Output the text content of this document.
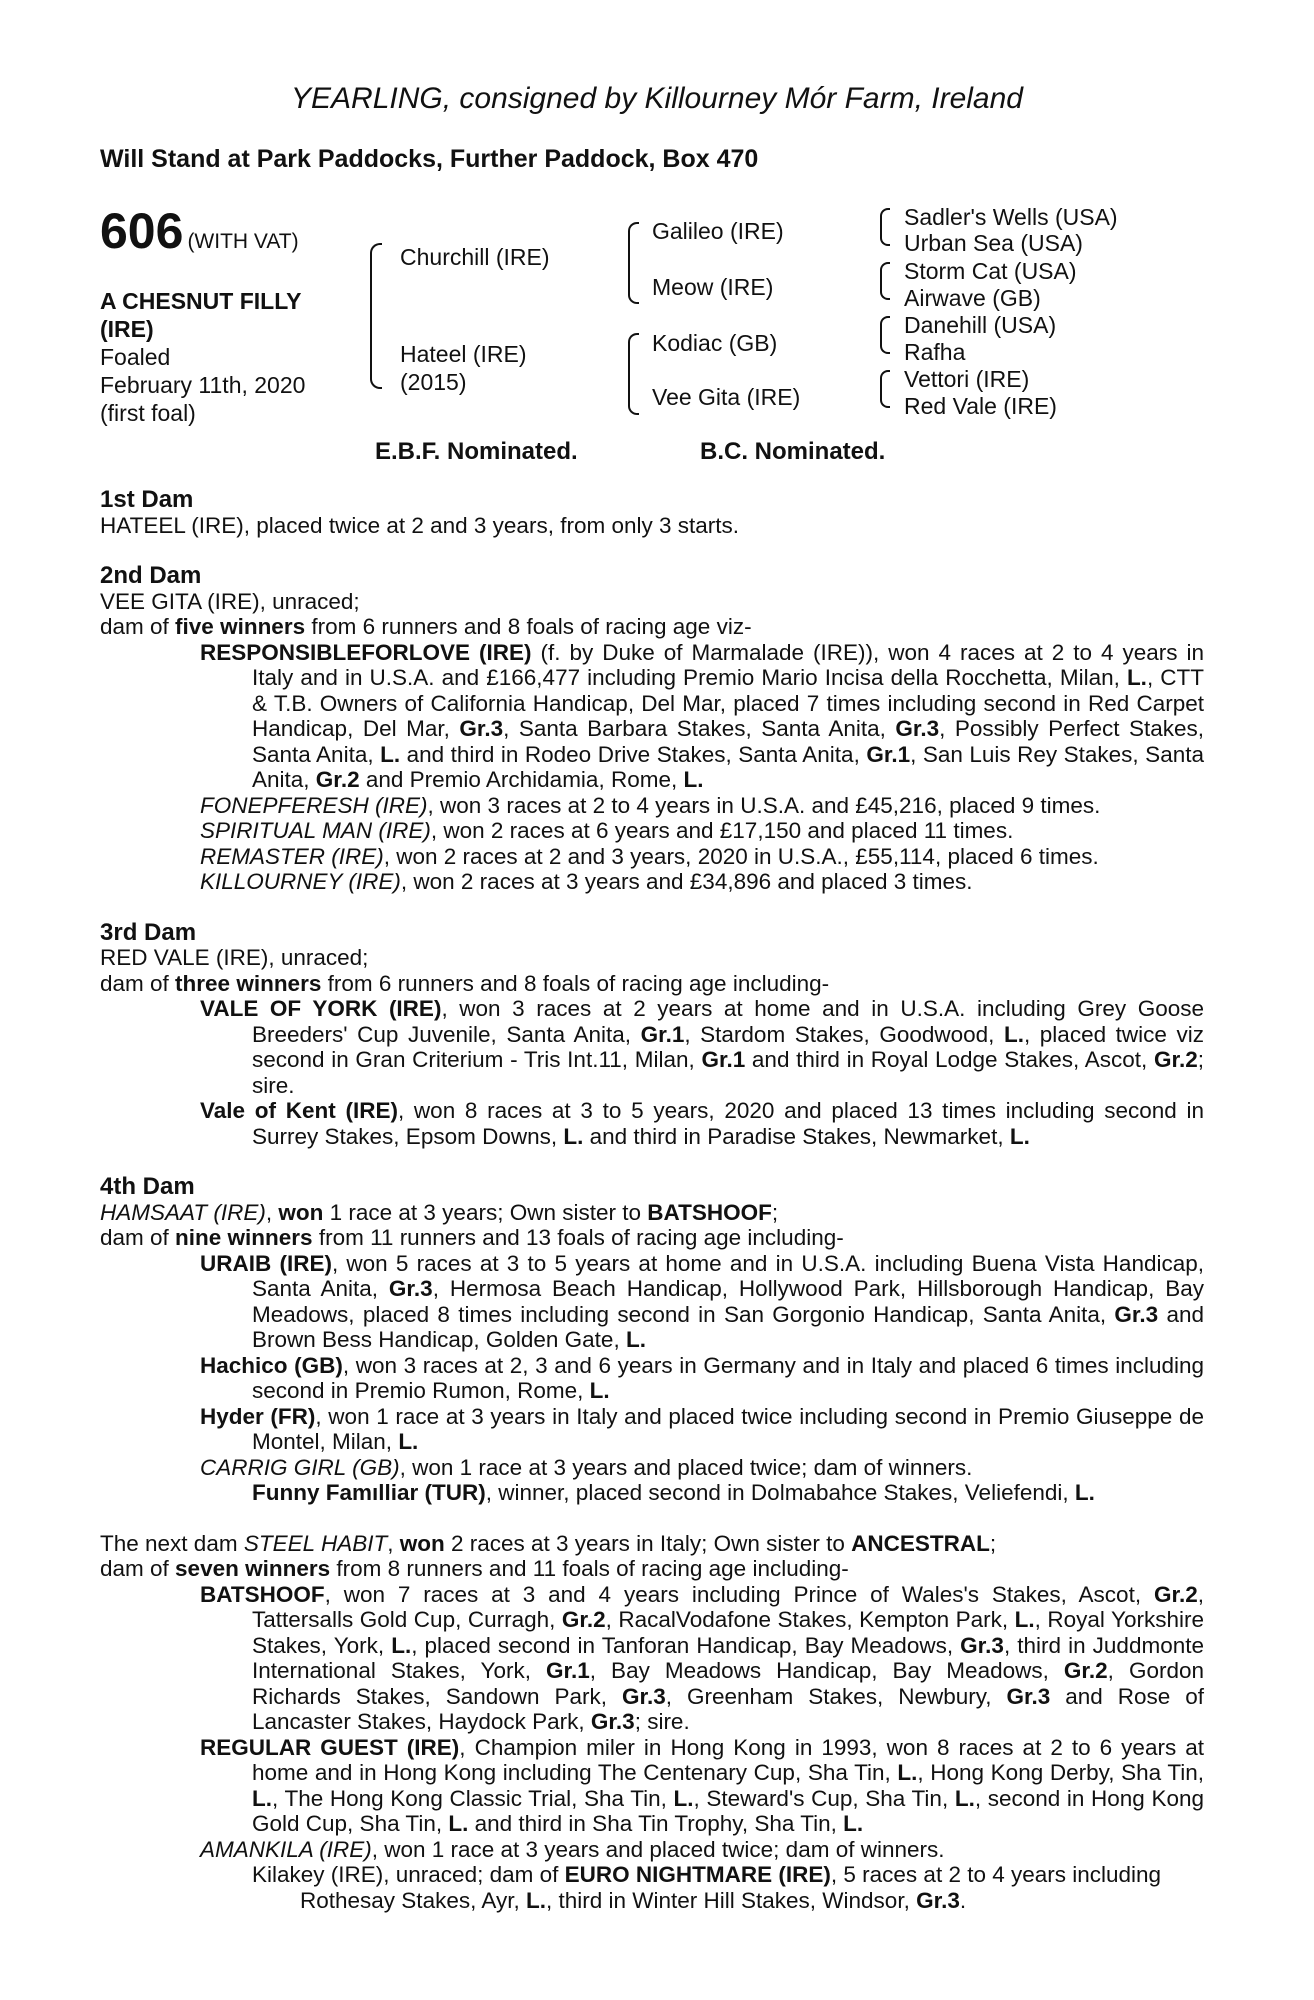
YEARLING, consigned by Killourney Mór Farm, Ireland
Will Stand at Park Paddocks, Further Paddock, Box 470
606 (WITH VAT)
A CHESNUT FILLY
(IRE)
Foaled
February 11th, 2020
(first foal)
Churchill (IRE)
Hateel (IRE)
(2015)
Galileo (IRE)
Meow (IRE)
Kodiac (GB)
Vee Gita (IRE)
Sadler's Wells (USA)
Urban Sea (USA)
Storm Cat (USA)
Airwave (GB)
Danehill (USA)
Rafha
Vettori (IRE)
Red Vale (IRE)
E.B.F. Nominated.	B.C. Nominated.
1st Dam

HATEEL (IRE), placed twice at 2 and 3 years, from only 3 starts.

2nd Dam

VEE GITA (IRE), unraced;

dam of five winners from 6 runners and 8 foals of racing age viz-

RESPONSIBLEFORLOVE (IRE) (f. by Duke of Marmalade (IRE)), won 4 races at 2 to 4 years in Italy and in U.S.A. and £166,477 including Premio Mario Incisa della Rocchetta, Milan, L., CTT & T.B. Owners of California Handicap, Del Mar, placed 7 times including second in Red Carpet Handicap, Del Mar, Gr.3, Santa Barbara Stakes, Santa Anita, Gr.3, Possibly Perfect Stakes, Santa Anita, L. and third in Rodeo Drive Stakes, Santa Anita, Gr.1, San Luis Rey Stakes, Santa Anita, Gr.2 and Premio Archidamia, Rome, L.

FONEPFERESH (IRE), won 3 races at 2 to 4 years in U.S.A. and £45,216, placed 9 times.

SPIRITUAL MAN (IRE), won 2 races at 6 years and £17,150 and placed 11 times.

REMASTER (IRE), won 2 races at 2 and 3 years, 2020 in U.S.A., £55,114, placed 6 times.

KILLOURNEY (IRE), won 2 races at 3 years and £34,896 and placed 3 times.

3rd Dam

RED VALE (IRE), unraced;

dam of three winners from 6 runners and 8 foals of racing age including-

VALE OF YORK (IRE), won 3 races at 2 years at home and in U.S.A. including Grey Goose Breeders' Cup Juvenile, Santa Anita, Gr.1, Stardom Stakes, Goodwood, L., placed twice viz second in Gran Criterium - Tris Int.11, Milan, Gr.1 and third in Royal Lodge Stakes, Ascot, Gr.2; sire.

Vale of Kent (IRE), won 8 races at 3 to 5 years, 2020 and placed 13 times including second in Surrey Stakes, Epsom Downs, L. and third in Paradise Stakes, Newmarket, L.

4th Dam

HAMSAAT (IRE), won 1 race at 3 years; Own sister to BATSHOOF;

dam of nine winners from 11 runners and 13 foals of racing age including-

URAIB (IRE), won 5 races at 3 to 5 years at home and in U.S.A. including Buena Vista Handicap, Santa Anita, Gr.3, Hermosa Beach Handicap, Hollywood Park, Hillsborough Handicap, Bay Meadows, placed 8 times including second in San Gorgonio Handicap, Santa Anita, Gr.3 and Brown Bess Handicap, Golden Gate, L.

Hachico (GB), won 3 races at 2, 3 and 6 years in Germany and in Italy and placed 6 times including second in Premio Rumon, Rome, L.

Hyder (FR), won 1 race at 3 years in Italy and placed twice including second in Premio Giuseppe de Montel, Milan, L.

CARRIG GIRL (GB), won 1 race at 3 years and placed twice; dam of winners.

Funny Famılliar (TUR), winner, placed second in Dolmabahce Stakes, Veliefendi, L.

The next dam STEEL HABIT, won 2 races at 3 years in Italy; Own sister to ANCESTRAL;

dam of seven winners from 8 runners and 11 foals of racing age including-

BATSHOOF, won 7 races at 3 and 4 years including Prince of Wales's Stakes, Ascot, Gr.2, Tattersalls Gold Cup, Curragh, Gr.2, RacalVodafone Stakes, Kempton Park, L., Royal Yorkshire Stakes, York, L., placed second in Tanforan Handicap, Bay Meadows, Gr.3, third in Juddmonte International Stakes, York, Gr.1, Bay Meadows Handicap, Bay Meadows, Gr.2, Gordon Richards Stakes, Sandown Park, Gr.3, Greenham Stakes, Newbury, Gr.3 and Rose of Lancaster Stakes, Haydock Park, Gr.3; sire.

REGULAR GUEST (IRE), Champion miler in Hong Kong in 1993, won 8 races at 2 to 6 years at home and in Hong Kong including The Centenary Cup, Sha Tin, L., Hong Kong Derby, Sha Tin, L., The Hong Kong Classic Trial, Sha Tin, L., Steward's Cup, Sha Tin, L., second in Hong Kong Gold Cup, Sha Tin, L. and third in Sha Tin Trophy, Sha Tin, L.

AMANKILA (IRE), won 1 race at 3 years and placed twice; dam of winners.

Kilakey (IRE), unraced; dam of EURO NIGHTMARE (IRE), 5 races at 2 to 4 years including Rothesay Stakes, Ayr, L., third in Winter Hill Stakes, Windsor, Gr.3.
